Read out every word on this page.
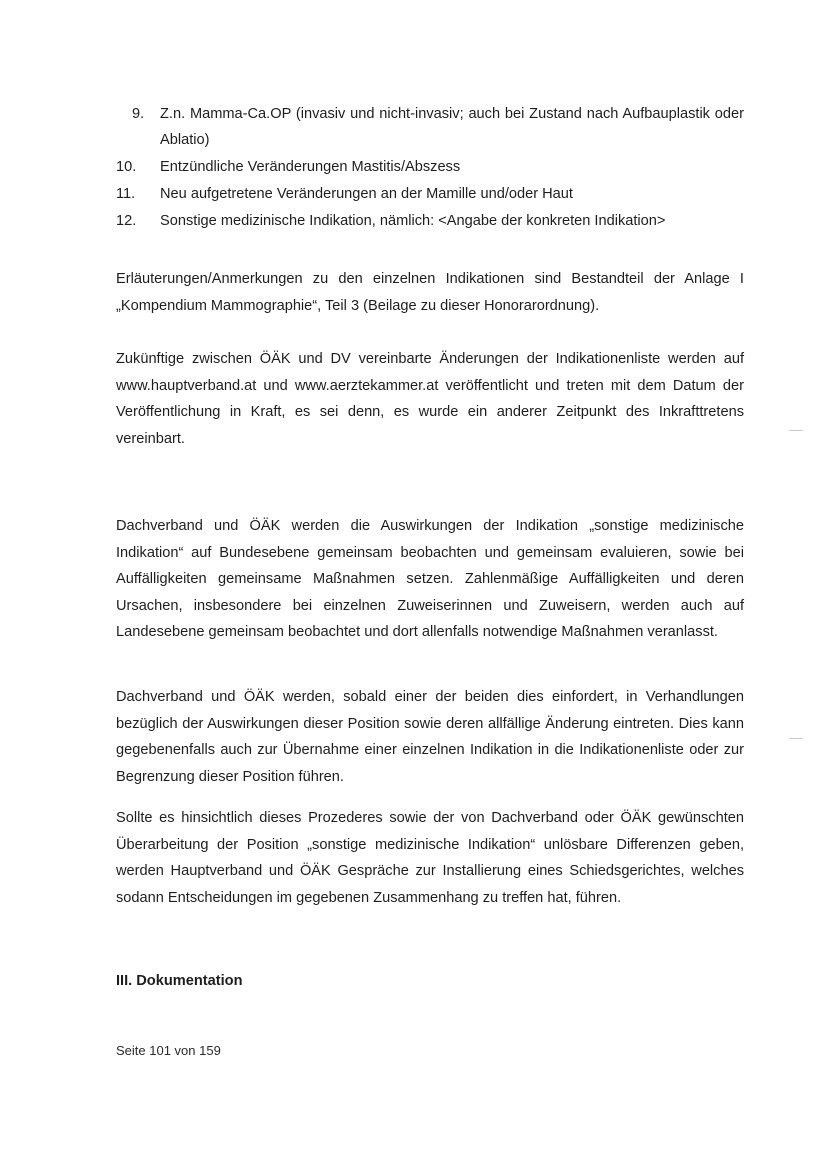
9. Z.n. Mamma-Ca.OP (invasiv und nicht-invasiv; auch bei Zustand nach Aufbauplastik oder Ablatio)
10. Entzündliche Veränderungen Mastitis/Abszess
11. Neu aufgetretene Veränderungen an der Mamille und/oder Haut
12. Sonstige medizinische Indikation, nämlich: <Angabe der konkreten Indikation>

Erläuterungen/Anmerkungen zu den einzelnen Indikationen sind Bestandteil der Anlage I „Kompendium Mammographie“, Teil 3 (Beilage zu dieser Honorarordnung).

Zukünftige zwischen ÖÄK und DV vereinbarte Änderungen der Indikationenliste werden auf www.hauptverband.at und www.aerztekammer.at veröffentlicht und treten mit dem Datum der Veröffentlichung in Kraft, es sei denn, es wurde ein anderer Zeitpunkt des Inkrafttretens vereinbart.

Dachverband und ÖÄK werden die Auswirkungen der Indikation „sonstige medizinische Indikation“ auf Bundesebene gemeinsam beobachten und gemeinsam evaluieren, sowie bei Auffälligkeiten gemeinsame Maßnahmen setzen. Zahlenmäßige Auffälligkeiten und deren Ursachen, insbesondere bei einzelnen Zuweiserinnen und Zuweisern, werden auch auf Landesebene gemeinsam beobachtet und dort allenfalls notwendige Maßnahmen veranlasst.

Dachverband und ÖÄK werden, sobald einer der beiden dies einfordert, in Verhandlungen bezüglich der Auswirkungen dieser Position sowie deren allfällige Änderung eintreten. Dies kann gegebenenfalls auch zur Übernahme einer einzelnen Indikation in die Indikationenliste oder zur Begrenzung dieser Position führen.

Sollte es hinsichtlich dieses Prozederes sowie der von Dachverband oder ÖÄK gewünschten Überarbeitung der Position „sonstige medizinische Indikation“ unlösbare Differenzen geben, werden Hauptverband und ÖÄK Gespräche zur Installierung eines Schiedsgerichtes, welches sodann Entscheidungen im gegebenen Zusammenhang zu treffen hat, führen.

III. Dokumentation

Seite 101 von 159
